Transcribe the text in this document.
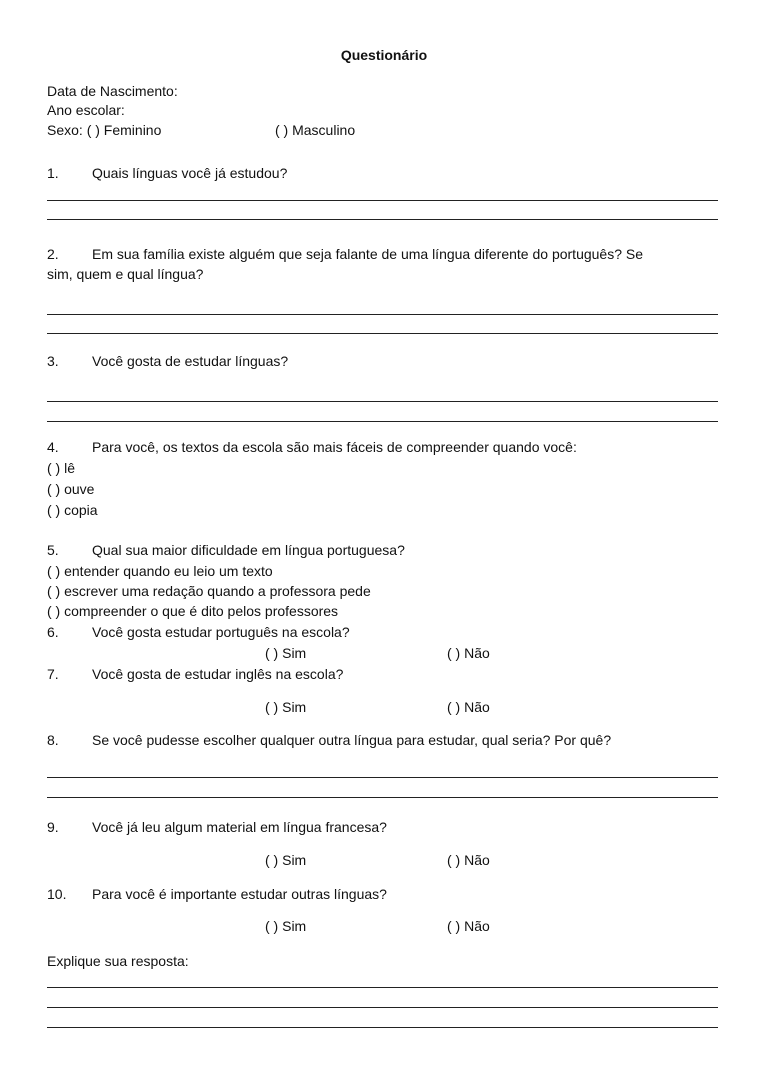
Questionário
Data de Nascimento:
Ano escolar:
Sexo: ( ) Feminino	( ) Masculino
1. Quais línguas você já estudou?
2. Em sua família existe alguém que seja falante de uma língua diferente do português? Se
sim, quem e qual língua?
3. Você gosta de estudar línguas?
4. Para você, os textos da escola são mais fáceis de compreender quando você:
( ) lê
( ) ouve
( ) copia
5. Qual sua maior dificuldade em língua portuguesa?
( ) entender quando eu leio um texto
( ) escrever uma redação quando a professora pede
( ) compreender o que é dito pelos professores
6. Você gosta estudar português na escola?
( ) Sim	( ) Não
7. Você gosta de estudar inglês na escola?
( ) Sim	( ) Não
8. Se você pudesse escolher qualquer outra língua para estudar, qual seria? Por quê?
9. Você já leu algum material em língua francesa?
( ) Sim	( ) Não
10. Para você é importante estudar outras línguas?
( ) Sim	( ) Não
Explique sua resposta:
